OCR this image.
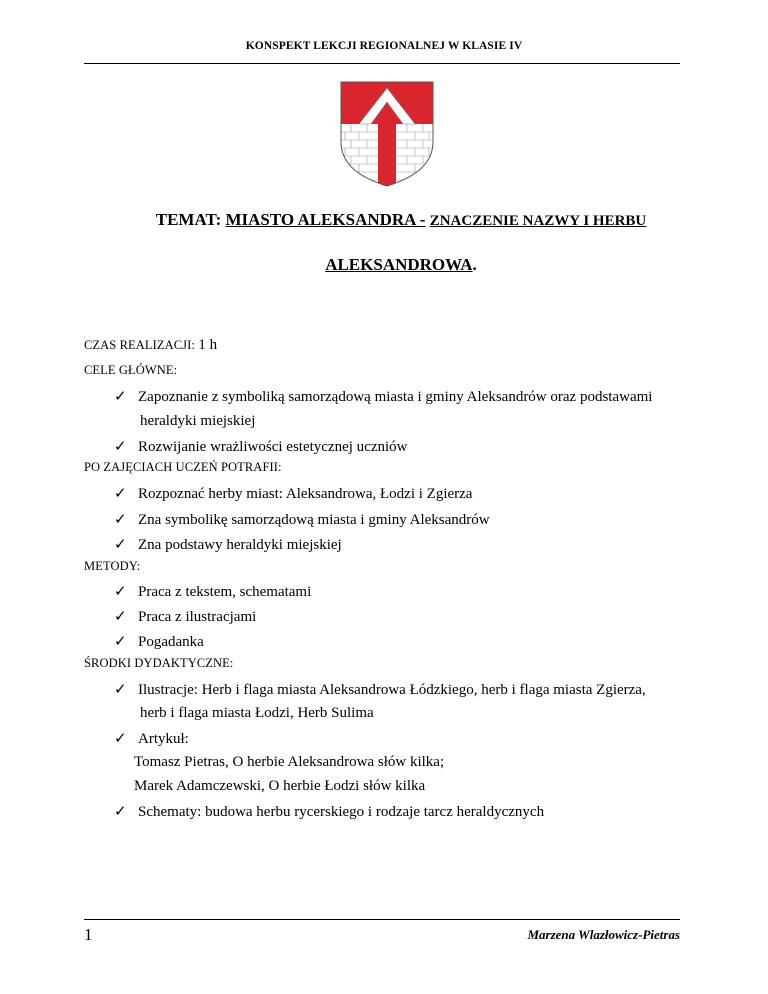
KONSPEKT LEKCJI REGIONALNEJ W KLASIE IV
TEMAT: MIASTO ALEKSANDRA - ZNACZENIE NAZWY I HERBU
ALEKSANDROWA.
CZAS REALIZACJI: 1 h
CELE GŁÓWNE:
✓ Zapoznanie z symboliką samorządową miasta i gminy Aleksandrów oraz podstawami
heraldyki miejskiej
✓ Rozwijanie wrażliwości estetycznej uczniów
PO ZAJĘCIACH UCZEŃ POTRAFII:
✓ Rozpoznać herby miast: Aleksandrowa, Łodzi i Zgierza
✓ Zna symbolikę samorządową miasta i gminy Aleksandrów
✓ Zna podstawy heraldyki miejskiej
METODY:
✓ Praca z tekstem, schematami
✓ Praca z ilustracjami
✓ Pogadanka
ŚRODKI DYDAKTYCZNE:
✓ Ilustracje: Herb i flaga miasta Aleksandrowa Łódzkiego, herb i flaga miasta Zgierza,
herb i flaga miasta Łodzi, Herb Sulima
✓ Artykuł:
Tomasz Pietras, O herbie Aleksandrowa słów kilka;
Marek Adamczewski, O herbie Łodzi słów kilka
✓ Schematy: budowa herbu rycerskiego i rodzaje tarcz heraldycznych
1	Marzena Wlazłowicz-Pietras
